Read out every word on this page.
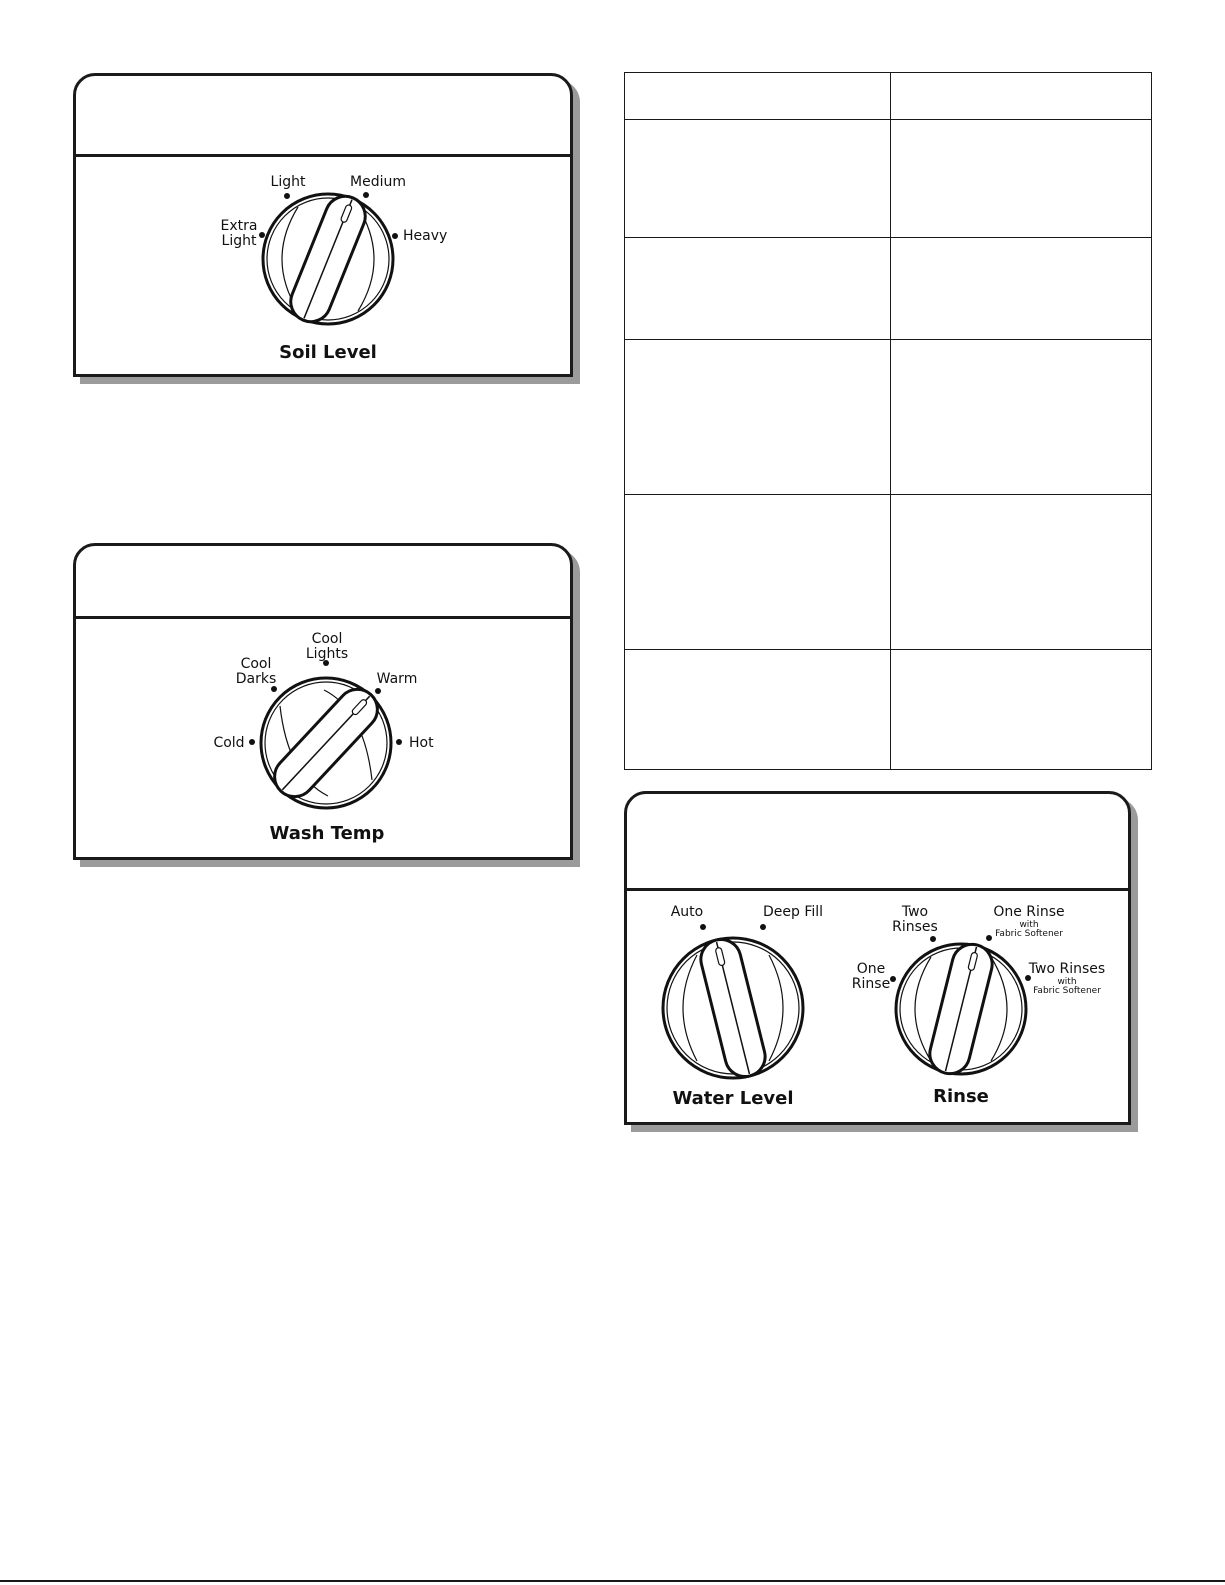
Extra
Light
Light	Medium
Heavy
Soil Level
Cold
Cool
Darks
Cool
Lights
Warm
Hot
Wash Temp

Auto	Deep Fill
Water Level
One
Rinse
Two
Rinses
One Rinse
with
Fabric Softener
Two Rinses
with
Fabric Softener
Rinse
